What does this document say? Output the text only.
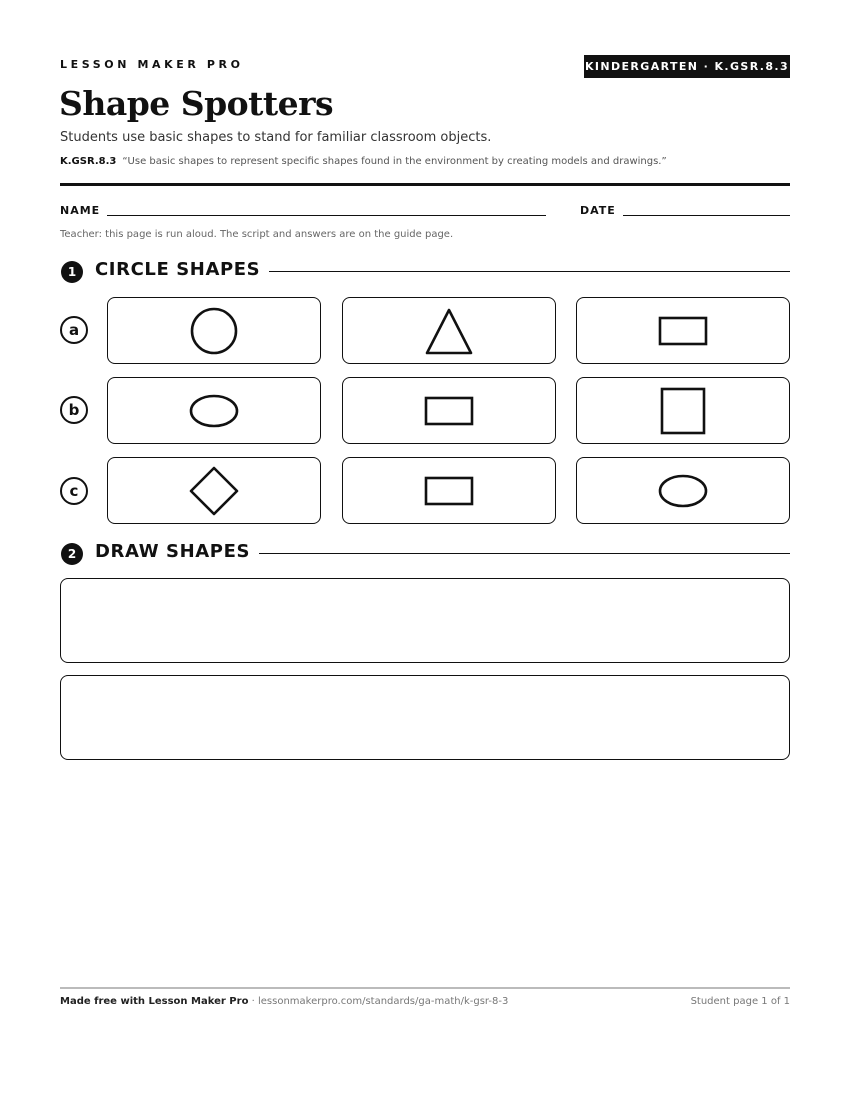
LESSON MAKER PRO	KINDERGARTEN · K.GSR.8.3
Shape Spotters
Students use basic shapes to stand for familiar classroom objects.
K.GSR.8.3 “Use basic shapes to represent specific shapes found in the environment by creating models and drawings.”
NAME	DATE
Teacher: this page is run aloud. The script and answers are on the guide page.
1	CIRCLE SHAPES
a
b
c
2	DRAW SHAPES
Made free with Lesson Maker Pro · lessonmakerpro.com/standards/ga-math/k-gsr-8-3	Student page 1 of 1
